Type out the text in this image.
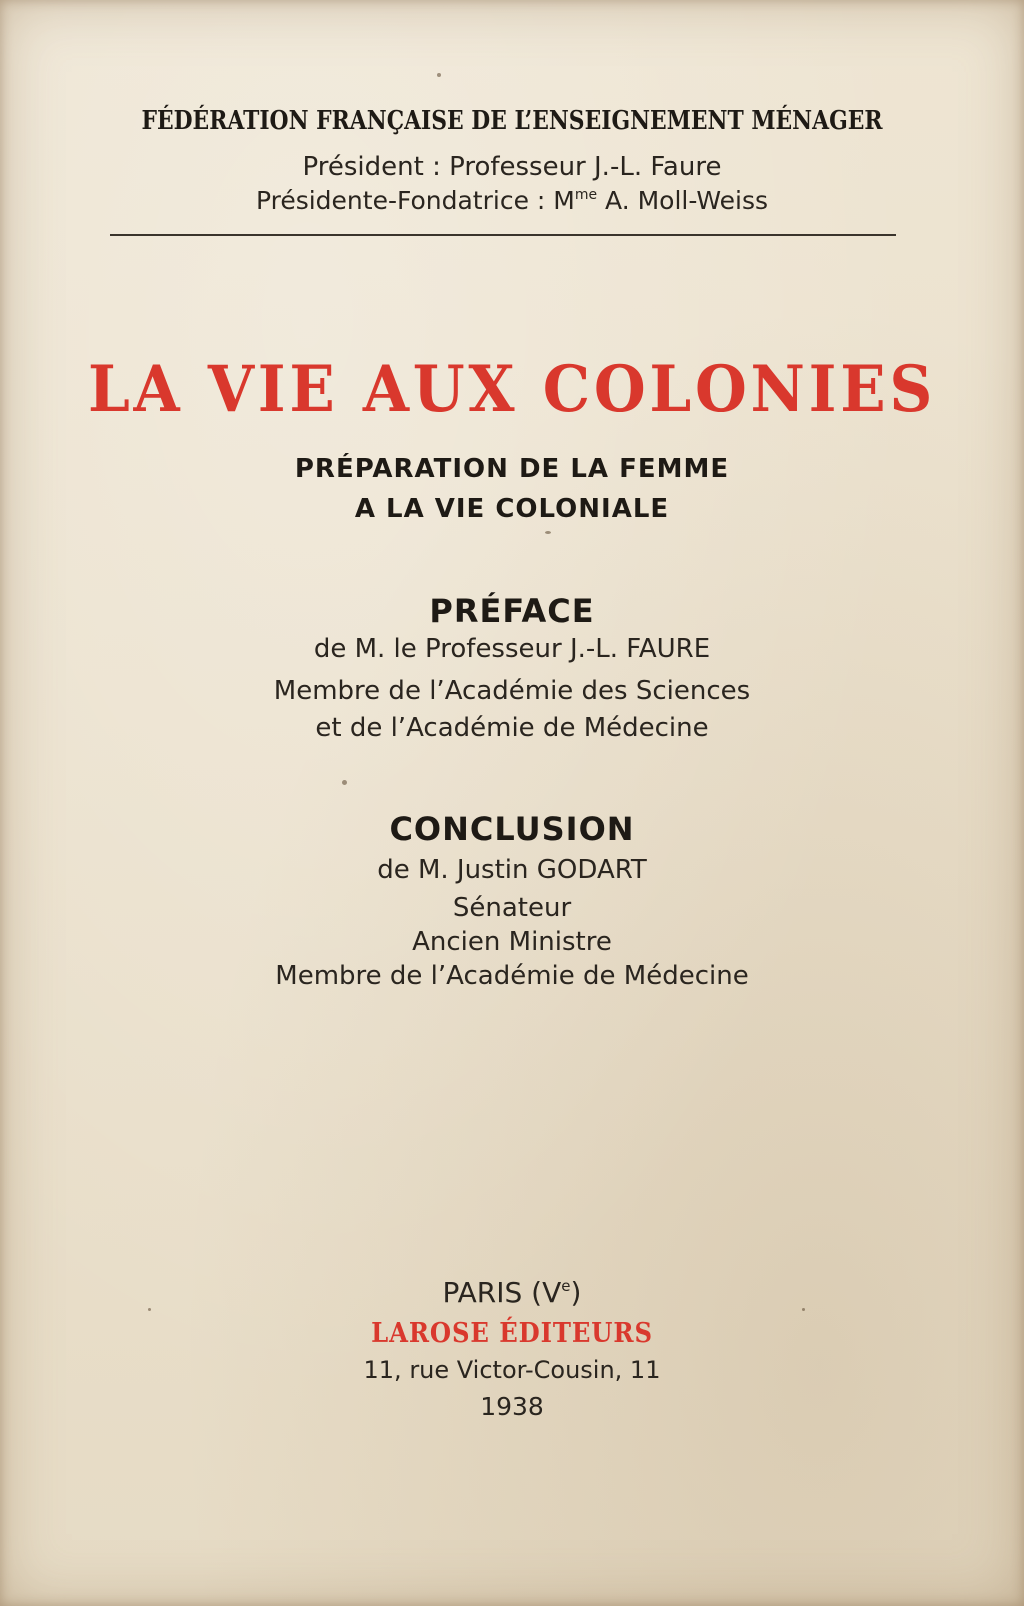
FÉDÉRATION FRANÇAISE DE L’ENSEIGNEMENT MÉNAGER
Président : Professeur J.-L. Faure
Présidente-Fondatrice : $M^{me}$ A. Moll-Weiss
LA VIE AUX COLONIES
PRÉPARATION DE LA FEMME
A LA VIE COLONIALE
PRÉFACE
de M. le Professeur J.-L. FAURE
Membre de l’Académie des Sciences
et de l’Académie de Médecine
CONCLUSION
de M. Justin GODART
Sénateur
Ancien Ministre
Membre de l’Académie de Médecine
PARIS (Ve)
LAROSE ÉDITEURS
11, rue Victor-Cousin, 11
1938
